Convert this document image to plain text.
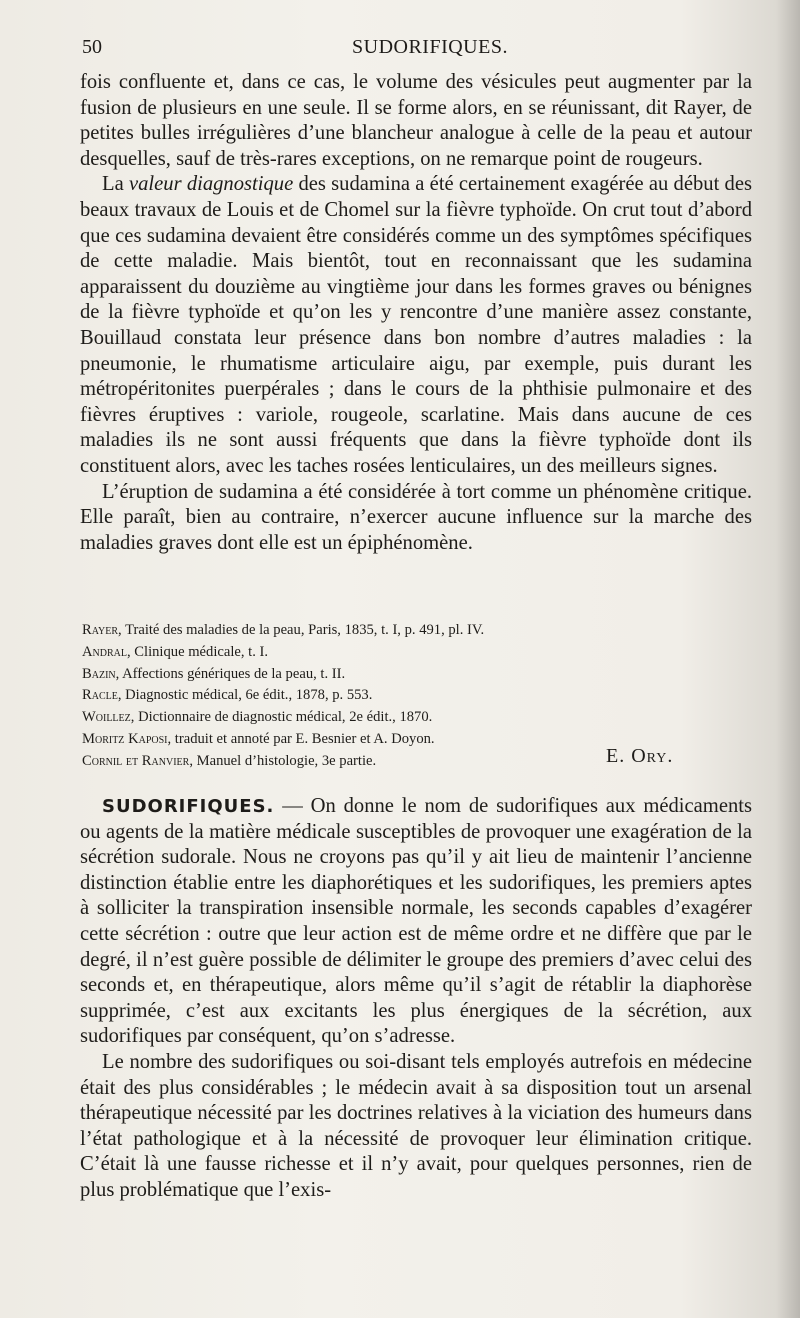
50	SUDORIFIQUES.

fois confluente et, dans ce cas, le volume des vésicules peut augmenter par la fusion de plusieurs en une seule. Il se forme alors, en se réunissant, dit Rayer, de petites bulles irrégulières d’une blancheur analogue à celle de la peau et autour desquelles, sauf de très-rares exceptions, on ne remarque point de rougeurs.

La valeur diagnostique des sudamina a été certainement exagérée au début des beaux travaux de Louis et de Chomel sur la fièvre typhoïde. On crut tout d’abord que ces sudamina devaient être considérés comme un des symptômes spécifiques de cette maladie. Mais bientôt, tout en reconnaissant que les sudamina apparaissent du douzième au vingtième jour dans les formes graves ou bénignes de la fièvre typhoïde et qu’on les y rencontre d’une manière assez constante, Bouillaud constata leur présence dans bon nombre d’autres maladies : la pneumonie, le rhumatisme articulaire aigu, par exemple, puis durant les métropéritonites puerpérales ; dans le cours de la phthisie pulmonaire et des fièvres éruptives : variole, rougeole, scarlatine. Mais dans aucune de ces maladies ils ne sont aussi fréquents que dans la fièvre typhoïde dont ils constituent alors, avec les taches rosées lenticulaires, un des meilleurs signes.

L’éruption de sudamina a été considérée à tort comme un phénomène critique. Elle paraît, bien au contraire, n’exercer aucune influence sur la marche des maladies graves dont elle est un épiphénomène.

Rayer, Traité des maladies de la peau, Paris, 1835, t. I, p. 491, pl. IV.
Andral, Clinique médicale, t. I.
Bazin, Affections génériques de la peau, t. II.
Racle, Diagnostic médical, 6e édit., 1878, p. 553.
Woillez, Dictionnaire de diagnostic médical, 2e édit., 1870.
Moritz Kaposi, traduit et annoté par E. Besnier et A. Doyon.
Cornil et Ranvier, Manuel d’histologie, 3e partie.	E. Ory.

SUDORIFIQUES. — On donne le nom de sudorifiques aux médicaments ou agents de la matière médicale susceptibles de provoquer une exagération de la sécrétion sudorale. Nous ne croyons pas qu’il y ait lieu de maintenir l’ancienne distinction établie entre les diaphorétiques et les sudorifiques, les premiers aptes à solliciter la transpiration insensible normale, les seconds capables d’exagérer cette sécrétion : outre que leur action est de même ordre et ne diffère que par le degré, il n’est guère possible de délimiter le groupe des premiers d’avec celui des seconds et, en thérapeutique, alors même qu’il s’agit de rétablir la diaphorèse supprimée, c’est aux excitants les plus énergiques de la sécrétion, aux sudorifiques par conséquent, qu’on s’adresse.

Le nombre des sudorifiques ou soi-disant tels employés autrefois en médecine était des plus considérables ; le médecin avait à sa disposition tout un arsenal thérapeutique nécessité par les doctrines relatives à la viciation des humeurs dans l’état pathologique et à la nécessité de provoquer leur élimination critique. C’était là une fausse richesse et il n’y avait, pour quelques personnes, rien de plus problématique que l’exis-
